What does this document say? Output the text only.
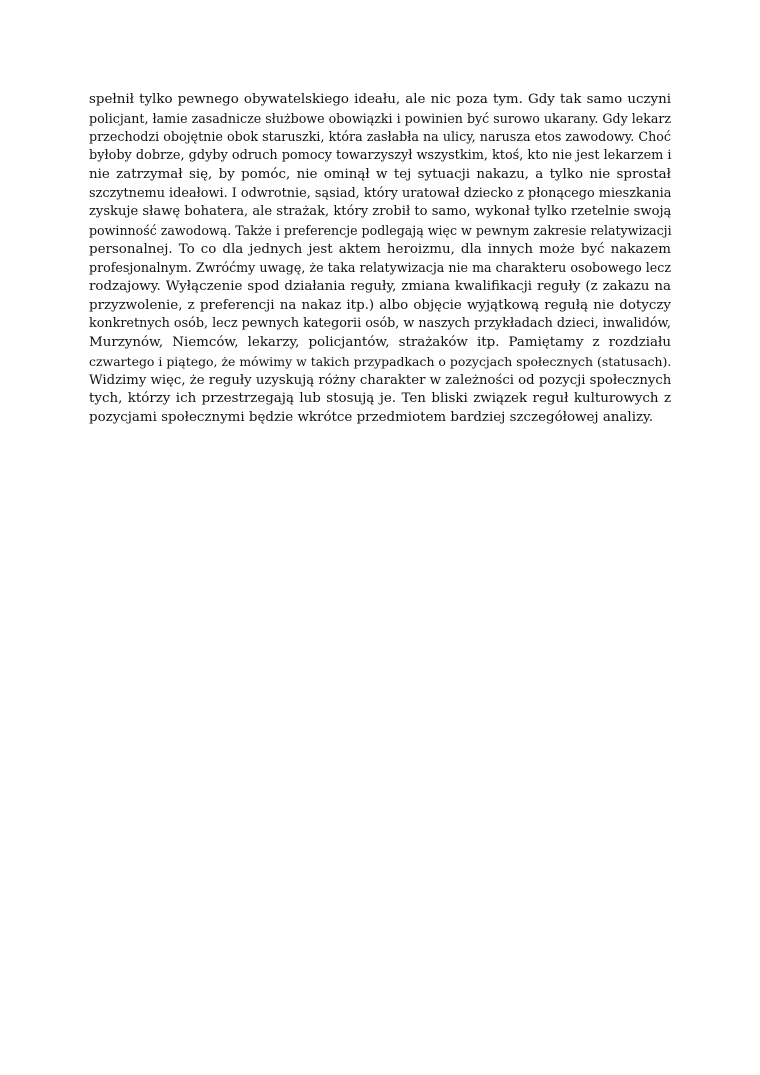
spełnił tylko pewnego obywatelskiego ideału, ale nic poza tym. Gdy tak samo uczyni
policjant, łamie zasadnicze służbowe obowiązki i powinien być surowo ukarany. Gdy lekarz
przechodzi obojętnie obok staruszki, która zasłabła na ulicy, narusza etos zawodowy. Choć
byłoby dobrze, gdyby odruch pomocy towarzyszył wszystkim, ktoś, kto nie jest lekarzem i
nie zatrzymał się, by pomóc, nie ominął w tej sytuacji nakazu, a tylko nie sprostał
szczytnemu ideałowi. I odwrotnie, sąsiad, który uratował dziecko z płonącego mieszkania
zyskuje sławę bohatera, ale strażak, który zrobił to samo, wykonał tylko rzetelnie swoją
powinność zawodową. Także i preferencje podlegają więc w pewnym zakresie relatywizacji
personalnej. To co dla jednych jest aktem heroizmu, dla innych może być nakazem
profesjonalnym. Zwróćmy uwagę, że taka relatywizacja nie ma charakteru osobowego lecz
rodzajowy. Wyłączenie spod działania reguły, zmiana kwalifikacji reguły (z zakazu na
przyzwolenie, z preferencji na nakaz itp.) albo objęcie wyjątkową regułą nie dotyczy
konkretnych osób, lecz pewnych kategorii osób, w naszych przykładach dzieci, inwalidów,
Murzynów, Niemców, lekarzy, policjantów, strażaków itp. Pamiętamy z rozdziału
czwartego i piątego, że mówimy w takich przypadkach o pozycjach społecznych (statusach).
Widzimy więc, że reguły uzyskują różny charakter w zależności od pozycji społecznych
tych, którzy ich przestrzegają lub stosują je. Ten bliski związek reguł kulturowych z
pozycjami społecznymi będzie wkrótce przedmiotem bardziej szczegółowej analizy.
